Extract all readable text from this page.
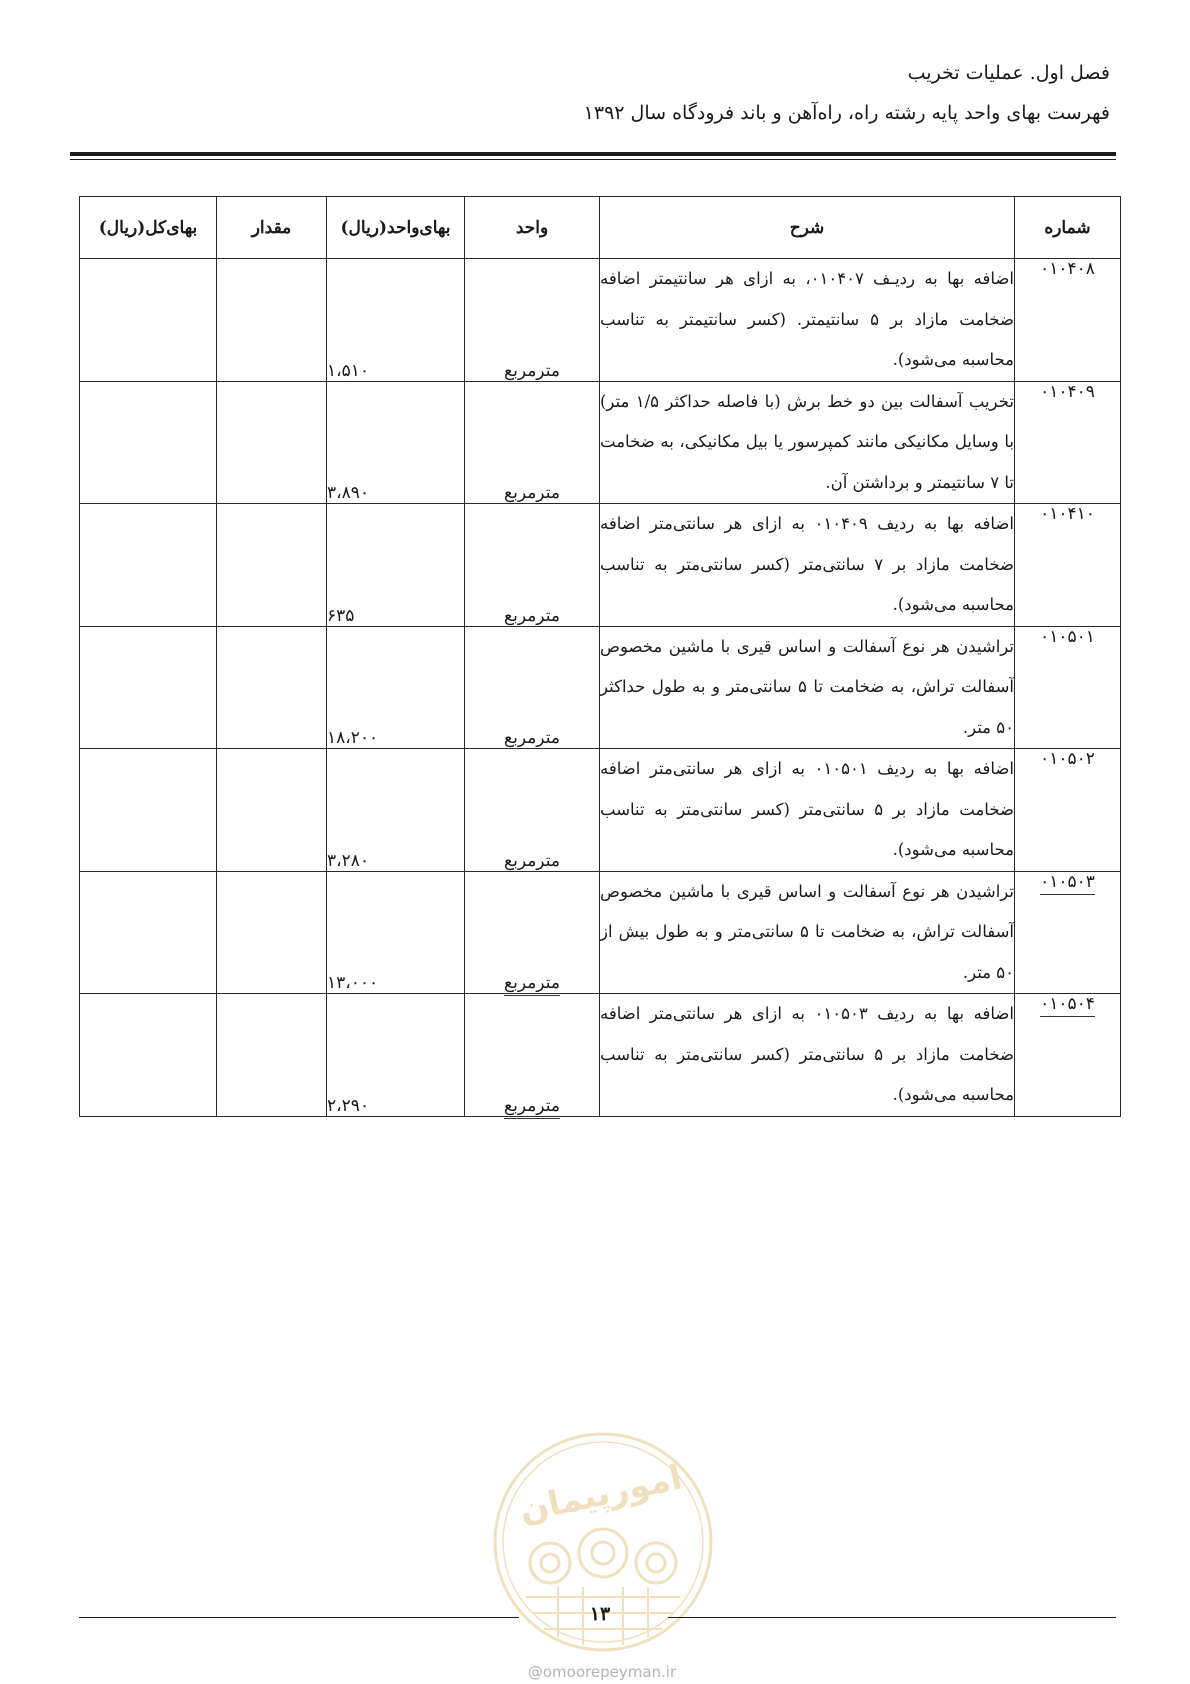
فصل اول. عملیات تخریب
فهرست بهای واحد پایه رشته راه، راه‌آهن و باند فرودگاه سال ۱۳۹۲
شماره	شرح	واحد	بهای‌واحد(ریال)	مقدار	بهای‌کل(ریال)
۰۱۰۴۰۸	اضافه بها به ردیـف ۰۱۰۴۰۷، به ازای هر سانتیمتر اضافه ضخامت مازاد بر ۵ سانتیمتر. (کسر سانتیمتر به تناسب محاسبه می‌شود).	مترمربع	۱،۵۱۰		
۰۱۰۴۰۹	تخریب آسفالت بین دو خط برش (با فاصله حداکثر ۱/۵ متر) با وسایل مکانیکی مانند کمپرسور یا بیل مکانیکی، به ضخامت تا ۷ سانتیمتر و برداشتن آن.	مترمربع	۳،۸۹۰		
۰۱۰۴۱۰	اضافه بها به ردیف ۰۱۰۴۰۹ به ازای هر سانتی‌متر اضافه ضخامت مازاد بر ۷ سانتی‌متر (کسر سانتی‌متر به تناسب محاسبه می‌شود).	مترمربع	۶۳۵		
۰۱۰۵۰۱	تراشیدن هر نوع آسفالت و اساس قیری با ماشین مخصوص آسفالت تراش، به ضخامت تا ۵ سانتی‌متر و به طول حداکثر ۵۰ متر.	مترمربع	۱۸،۲۰۰		
۰۱۰۵۰۲	اضافه بها به ردیف ۰۱۰۵۰۱ به ازای هر سانتی‌متر اضافه ضخامت مازاد بر ۵ سانتی‌متر (کسر سانتی‌متر به تناسب محاسبه می‌شود).	مترمربع	۳،۲۸۰		
۰۱۰۵۰۳	تراشیدن هر نوع آسفالت و اساس قیری با ماشین مخصوص آسفالت تراش، به ضخامت تا ۵ سانتی‌متر و به طول بیش از ۵۰ متر.	مترمربع	۱۳،۰۰۰		
۰۱۰۵۰۴	اضافه بها به ردیف ۰۱۰۵۰۳ به ازای هر سانتی‌متر اضافه ضخامت مازاد بر ۵ سانتی‌متر (کسر سانتی‌متر به تناسب محاسبه می‌شود).	مترمربع	۲،۲۹۰		
امورپیمان
۱۳
@omoorepeyman.ir
